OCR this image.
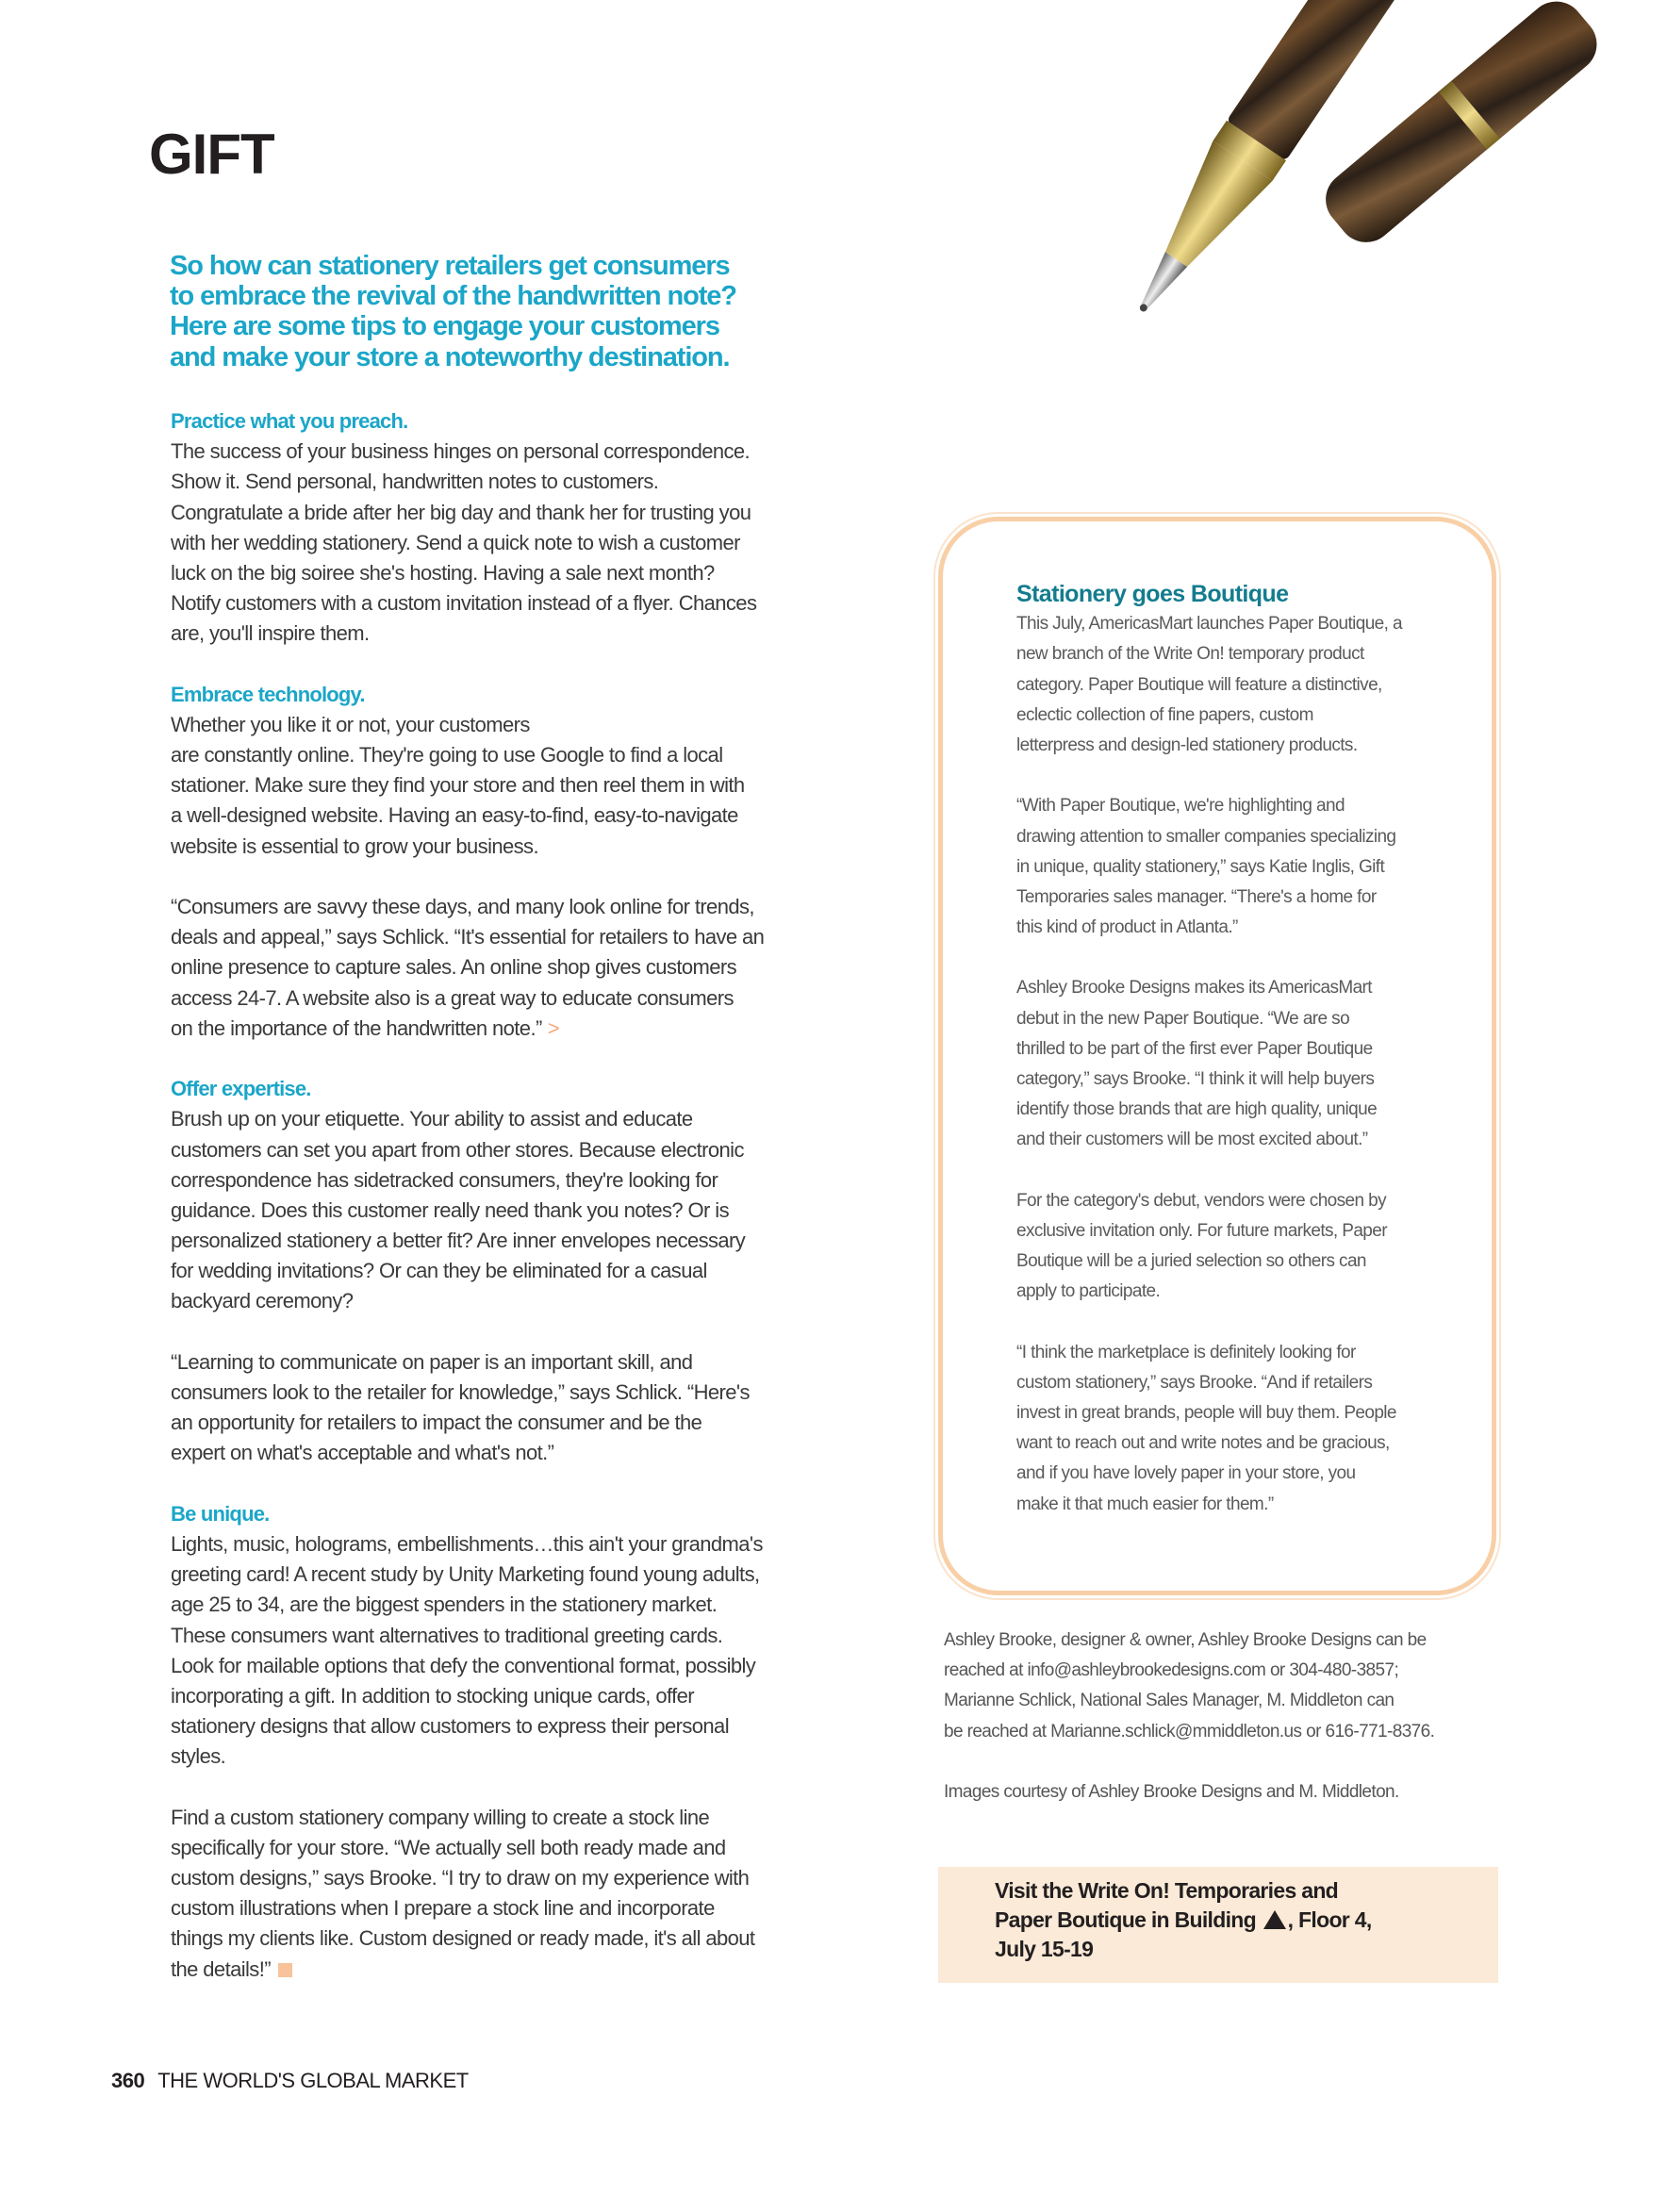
GIFT
So how can stationery retailers get consumers
to embrace the revival of the handwritten note?
Here are some tips to engage your customers
and make your store a noteworthy destination.
Practice what you preach.
The success of your business hinges on personal correspondence.
Show it. Send personal, handwritten notes to customers.
Congratulate a bride after her big day and thank her for trusting you
with her wedding stationery. Send a quick note to wish a customer
luck on the big soiree she's hosting. Having a sale next month?
Notify customers with a custom invitation instead of a flyer. Chances
are, you'll inspire them.
Embrace technology.
Whether you like it or not, your customers
are constantly online. They're going to use Google to find a local
stationer. Make sure they find your store and then reel them in with
a well-designed website. Having an easy-to-find, easy-to-navigate
website is essential to grow your business.
“Consumers are savvy these days, and many look online for trends,
deals and appeal,” says Schlick. “It's essential for retailers to have an
online presence to capture sales. An online shop gives customers
access 24-7. A website also is a great way to educate consumers
on the importance of the handwritten note.” >
Offer expertise.
Brush up on your etiquette. Your ability to assist and educate
customers can set you apart from other stores. Because electronic
correspondence has sidetracked consumers, they're looking for
guidance. Does this customer really need thank you notes? Or is
personalized stationery a better fit? Are inner envelopes necessary
for wedding invitations? Or can they be eliminated for a casual
backyard ceremony?
“Learning to communicate on paper is an important skill, and
consumers look to the retailer for knowledge,” says Schlick. “Here's
an opportunity for retailers to impact the consumer and be the
expert on what's acceptable and what's not.”
Be unique.
Lights, music, holograms, embellishments…this ain't your grandma's
greeting card! A recent study by Unity Marketing found young adults,
age 25 to 34, are the biggest spenders in the stationery market.
These consumers want alternatives to traditional greeting cards.
Look for mailable options that defy the conventional format, possibly
incorporating a gift. In addition to stocking unique cards, offer
stationery designs that allow customers to express their personal
styles.
Find a custom stationery company willing to create a stock line
specifically for your store. “We actually sell both ready made and
custom designs,” says Brooke. “I try to draw on my experience with
custom illustrations when I prepare a stock line and incorporate
things my clients like. Custom designed or ready made, it's all about
the details!”
Stationery goes Boutique
This July, AmericasMart launches Paper Boutique, a
new branch of the Write On! temporary product
category. Paper Boutique will feature a distinctive,
eclectic collection of fine papers, custom
letterpress and design-led stationery products.
“With Paper Boutique, we're highlighting and
drawing attention to smaller companies specializing
in unique, quality stationery,” says Katie Inglis, Gift
Temporaries sales manager. “There's a home for
this kind of product in Atlanta.”
Ashley Brooke Designs makes its AmericasMart
debut in the new Paper Boutique. “We are so
thrilled to be part of the first ever Paper Boutique
category,” says Brooke. “I think it will help buyers
identify those brands that are high quality, unique
and their customers will be most excited about.”
For the category's debut, vendors were chosen by
exclusive invitation only. For future markets, Paper
Boutique will be a juried selection so others can
apply to participate.
“I think the marketplace is definitely looking for
custom stationery,” says Brooke. “And if retailers
invest in great brands, people will buy them. People
want to reach out and write notes and be gracious,
and if you have lovely paper in your store, you
make it that much easier for them.”
Ashley Brooke, designer & owner, Ashley Brooke Designs can be
reached at info@ashleybrookedesigns.com or 304-480-3857;
Marianne Schlick, National Sales Manager, M. Middleton can
be reached at Marianne.schlick@mmiddleton.us or 616-771-8376.
Images courtesy of Ashley Brooke Designs and M. Middleton.
Visit the Write On! Temporaries and
Paper Boutique in Building , Floor 4,
July 15-19
360 THE WORLD'S GLOBAL MARKET
